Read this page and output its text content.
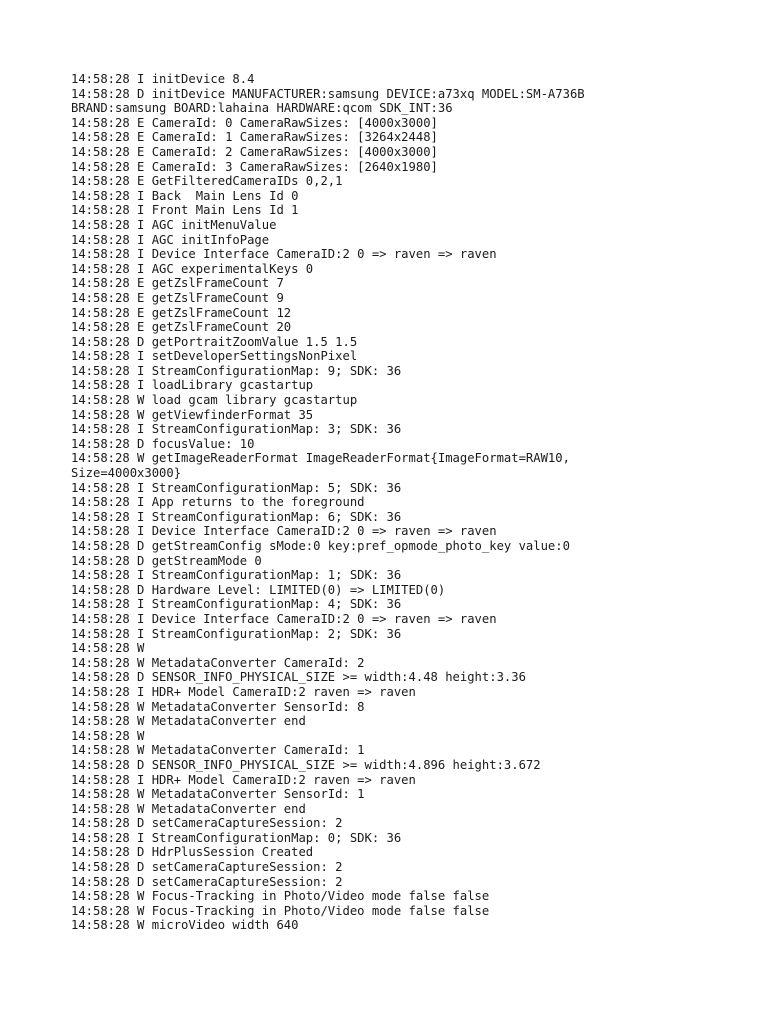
14:58:28 I initDevice 8.4
14:58:28 D initDevice MANUFACTURER:samsung DEVICE:a73xq MODEL:SM-A736B
BRAND:samsung BOARD:lahaina HARDWARE:qcom SDK_INT:36
14:58:28 E CameraId: 0 CameraRawSizes: [4000x3000]
14:58:28 E CameraId: 1 CameraRawSizes: [3264x2448]
14:58:28 E CameraId: 2 CameraRawSizes: [4000x3000]
14:58:28 E CameraId: 3 CameraRawSizes: [2640x1980]
14:58:28 E GetFilteredCameraIDs 0,2,1
14:58:28 I Back  Main Lens Id 0
14:58:28 I Front Main Lens Id 1
14:58:28 I AGC initMenuValue
14:58:28 I AGC initInfoPage
14:58:28 I Device Interface CameraID:2 0 => raven => raven
14:58:28 I AGC experimentalKeys 0
14:58:28 E getZslFrameCount 7
14:58:28 E getZslFrameCount 9
14:58:28 E getZslFrameCount 12
14:58:28 E getZslFrameCount 20
14:58:28 D getPortraitZoomValue 1.5 1.5
14:58:28 I setDeveloperSettingsNonPixel
14:58:28 I StreamConfigurationMap: 9; SDK: 36
14:58:28 I loadLibrary gcastartup
14:58:28 W load gcam library gcastartup
14:58:28 W getViewfinderFormat 35
14:58:28 I StreamConfigurationMap: 3; SDK: 36
14:58:28 D focusValue: 10
14:58:28 W getImageReaderFormat ImageReaderFormat{ImageFormat=RAW10,
Size=4000x3000}
14:58:28 I StreamConfigurationMap: 5; SDK: 36
14:58:28 I App returns to the foreground
14:58:28 I StreamConfigurationMap: 6; SDK: 36
14:58:28 I Device Interface CameraID:2 0 => raven => raven
14:58:28 D getStreamConfig sMode:0 key:pref_opmode_photo_key value:0
14:58:28 D getStreamMode 0
14:58:28 I StreamConfigurationMap: 1; SDK: 36
14:58:28 D Hardware Level: LIMITED(0) => LIMITED(0)
14:58:28 I StreamConfigurationMap: 4; SDK: 36
14:58:28 I Device Interface CameraID:2 0 => raven => raven
14:58:28 I StreamConfigurationMap: 2; SDK: 36
14:58:28 W
14:58:28 W MetadataConverter CameraId: 2
14:58:28 D SENSOR_INFO_PHYSICAL_SIZE >= width:4.48 height:3.36
14:58:28 I HDR+ Model CameraID:2 raven => raven
14:58:28 W MetadataConverter SensorId: 8
14:58:28 W MetadataConverter end
14:58:28 W
14:58:28 W MetadataConverter CameraId: 1
14:58:28 D SENSOR_INFO_PHYSICAL_SIZE >= width:4.896 height:3.672
14:58:28 I HDR+ Model CameraID:2 raven => raven
14:58:28 W MetadataConverter SensorId: 1
14:58:28 W MetadataConverter end
14:58:28 D setCameraCaptureSession: 2
14:58:28 I StreamConfigurationMap: 0; SDK: 36
14:58:28 D HdrPlusSession Created
14:58:28 D setCameraCaptureSession: 2
14:58:28 D setCameraCaptureSession: 2
14:58:28 W Focus-Tracking in Photo/Video mode false false
14:58:28 W Focus-Tracking in Photo/Video mode false false
14:58:28 W microVideo width 640
